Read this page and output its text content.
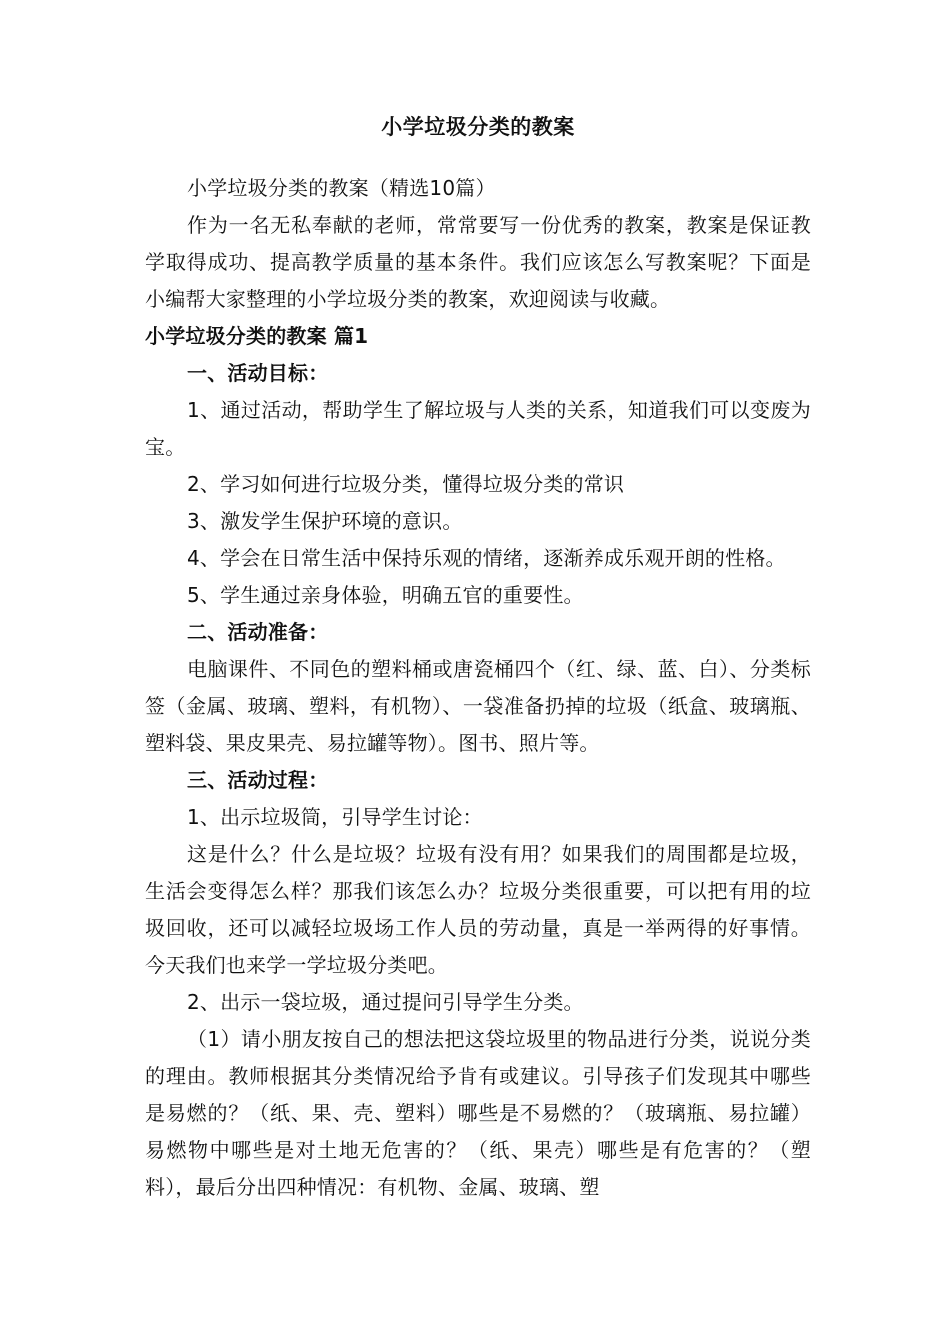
小学垃圾分类的教案

小学垃圾分类的教案（精选10篇）

作为一名无私奉献的老师，常常要写一份优秀的教案，教案是保证教学取得成功、提高教学质量的基本条件。我们应该怎么写教案呢？下面是小编帮大家整理的小学垃圾分类的教案，欢迎阅读与收藏。

小学垃圾分类的教案 篇1

一、活动目标：

1、通过活动，帮助学生了解垃圾与人类的关系，知道我们可以变废为宝。

2、学习如何进行垃圾分类，懂得垃圾分类的常识

3、激发学生保护环境的意识。

4、学会在日常生活中保持乐观的情绪，逐渐养成乐观开朗的性格。

5、学生通过亲身体验，明确五官的重要性。

二、活动准备：

电脑课件、不同色的塑料桶或唐瓷桶四个（红、绿、蓝、白）、分类标签（金属、玻璃、塑料，有机物）、一袋准备扔掉的垃圾（纸盒、玻璃瓶、塑料袋、果皮果壳、易拉罐等物）。图书、照片等。

三、活动过程：

1、出示垃圾筒，引导学生讨论：

这是什么？什么是垃圾？垃圾有没有用？如果我们的周围都是垃圾，生活会变得怎么样？那我们该怎么办？垃圾分类很重要，可以把有用的垃圾回收，还可以减轻垃圾场工作人员的劳动量，真是一举两得的好事情。今天我们也来学一学垃圾分类吧。

2、出示一袋垃圾，通过提问引导学生分类。

（1）请小朋友按自己的想法把这袋垃圾里的物品进行分类，说说分类的理由。教师根据其分类情况给予肯有或建议。引导孩子们发现其中哪些是易燃的？（纸、果、壳、塑料）哪些是不易燃的？（玻璃瓶、易拉罐）易燃物中哪些是对土地无危害的？（纸、果壳）哪些是有危害的？（塑料），最后分出四种情况：有机物、金属、玻璃、塑
